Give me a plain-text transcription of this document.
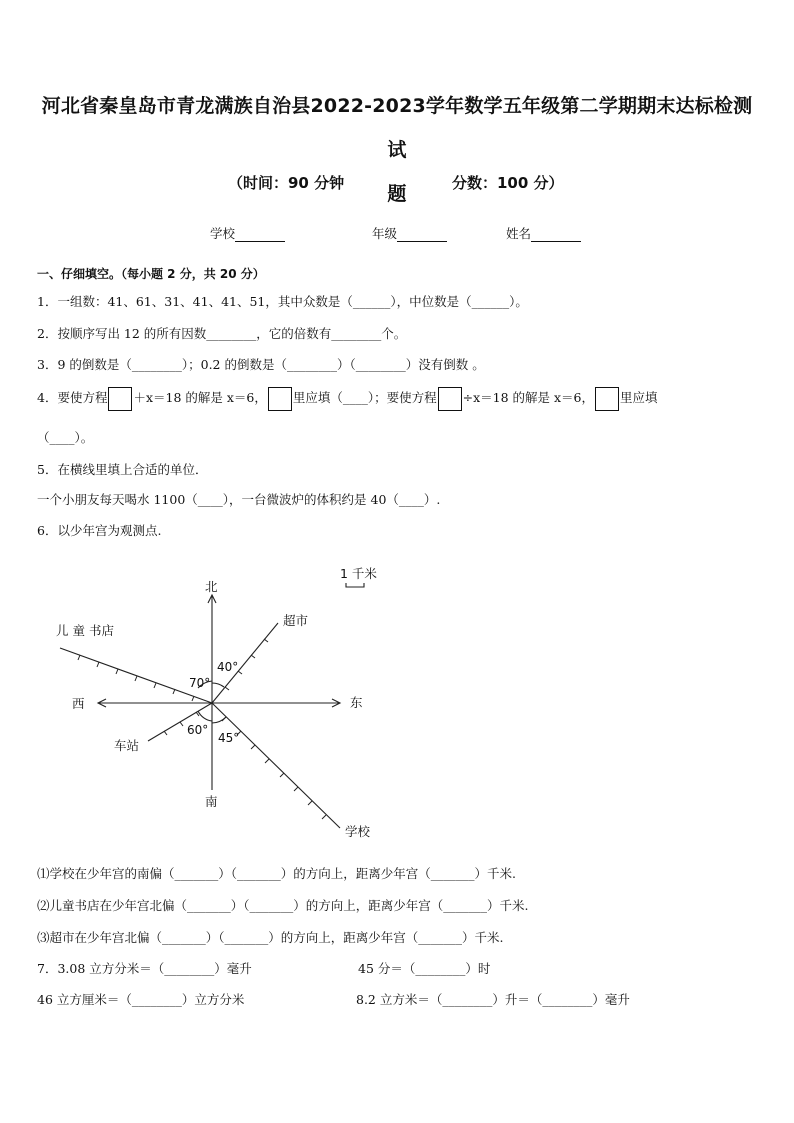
河北省秦皇岛市青龙满族自治县2022-2023学年数学五年级第二学期期末达标检测试
题
（时间：90 分钟	分数：100 分）
学校	年级	姓名
一、仔细填空。（每小题 2 分，共 20 分）
1．一组数：41、61、31、41、41、51，其中众数是（______），中位数是（______）。
2．按顺序写出 12 的所有因数________，它的倍数有________个。
3．9 的倒数是（________）；0.2 的倒数是（________）（________）没有倒数 。
4．要使方程 ＋x＝18 的解是 x＝6， 里应填（____）；要使方程 ÷x＝18 的解是 x＝6， 里应填
（____）。
5．在横线里填上合适的单位．
一个小朋友每天喝水 1100（____），一台微波炉的体积约是 40（____）.
6．以少年宫为观测点.
北
南
东
西
1 千米
儿 童 书店
超市
车站
学校
40°
70°
60°
45°
⑴学校在少年宫的南偏（_______）（_______）的方向上，距离少年宫（_______）千米.
⑵儿童书店在少年宫北偏（_______）（_______）的方向上，距离少年宫（_______）千米.
⑶超市在少年宫北偏（_______）（_______）的方向上，距离少年宫（_______）千米.
7．3.08 立方分米＝（________）毫升	45 分＝（________）时
46 立方厘米＝（________）立方分米	8.2 立方米＝（________）升＝（________）毫升
